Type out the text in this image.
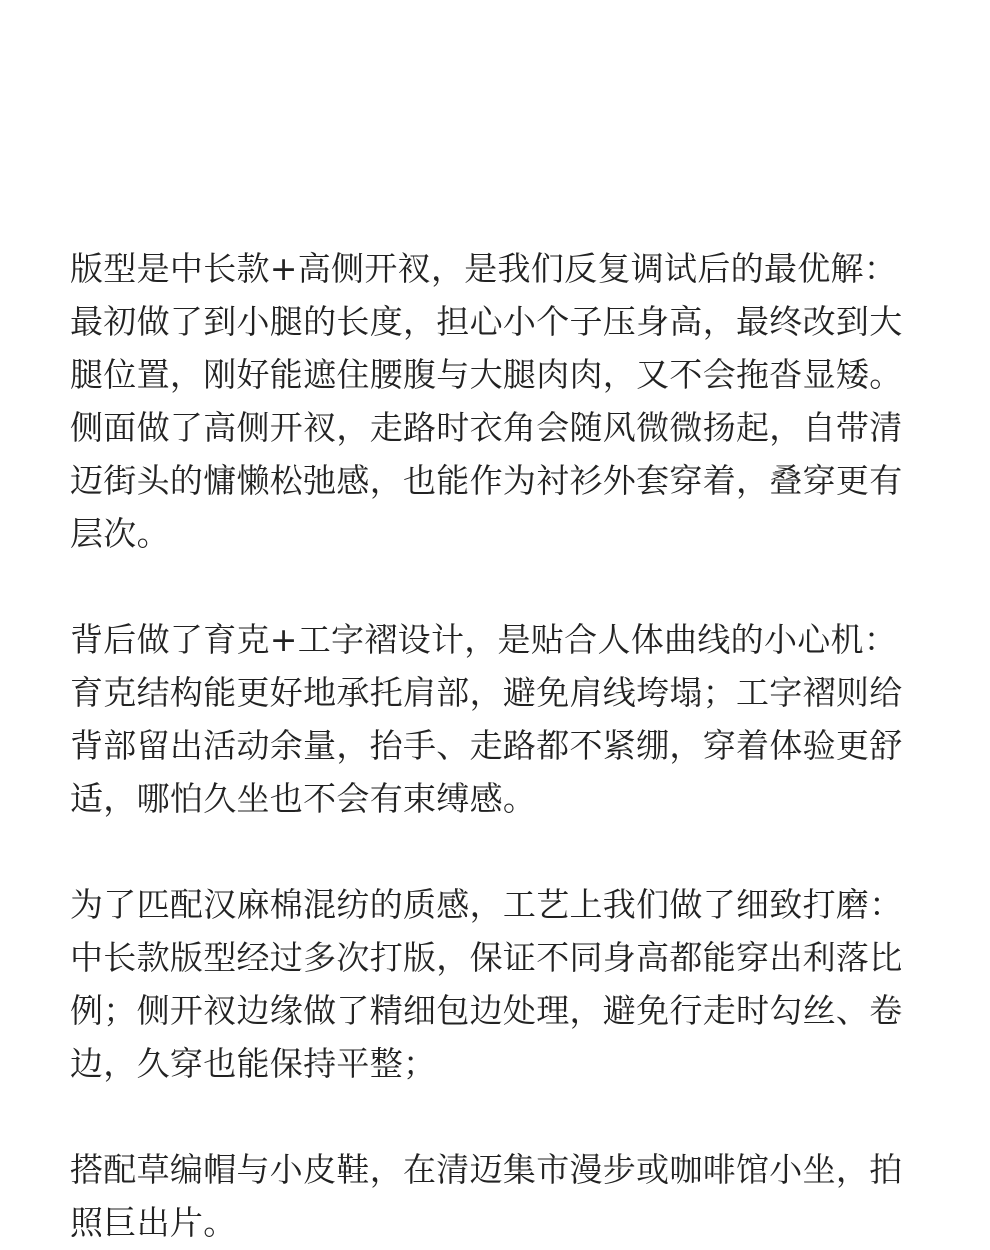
版型是中长款+高侧开衩，是我们反复调试后的最优解：
最初做了到小腿的长度，担心小个子压身高，最终改到大
腿位置，刚好能遮住腰腹与大腿肉肉，又不会拖沓显矮。
侧面做了高侧开衩，走路时衣角会随风微微扬起，自带清
迈街头的慵懒松弛感，也能作为衬衫外套穿着，叠穿更有
层次。

背后做了育克+工字褶设计，是贴合人体曲线的小心机：
育克结构能更好地承托肩部，避免肩线垮塌；工字褶则给
背部留出活动余量，抬手、走路都不紧绷，穿着体验更舒
适，哪怕久坐也不会有束缚感。

为了匹配汉麻棉混纺的质感，工艺上我们做了细致打磨：
中长款版型经过多次打版，保证不同身高都能穿出利落比
例；侧开衩边缘做了精细包边处理，避免行走时勾丝、卷
边，久穿也能保持平整；

搭配草编帽与小皮鞋，在清迈集市漫步或咖啡馆小坐，拍
照巨出片。
